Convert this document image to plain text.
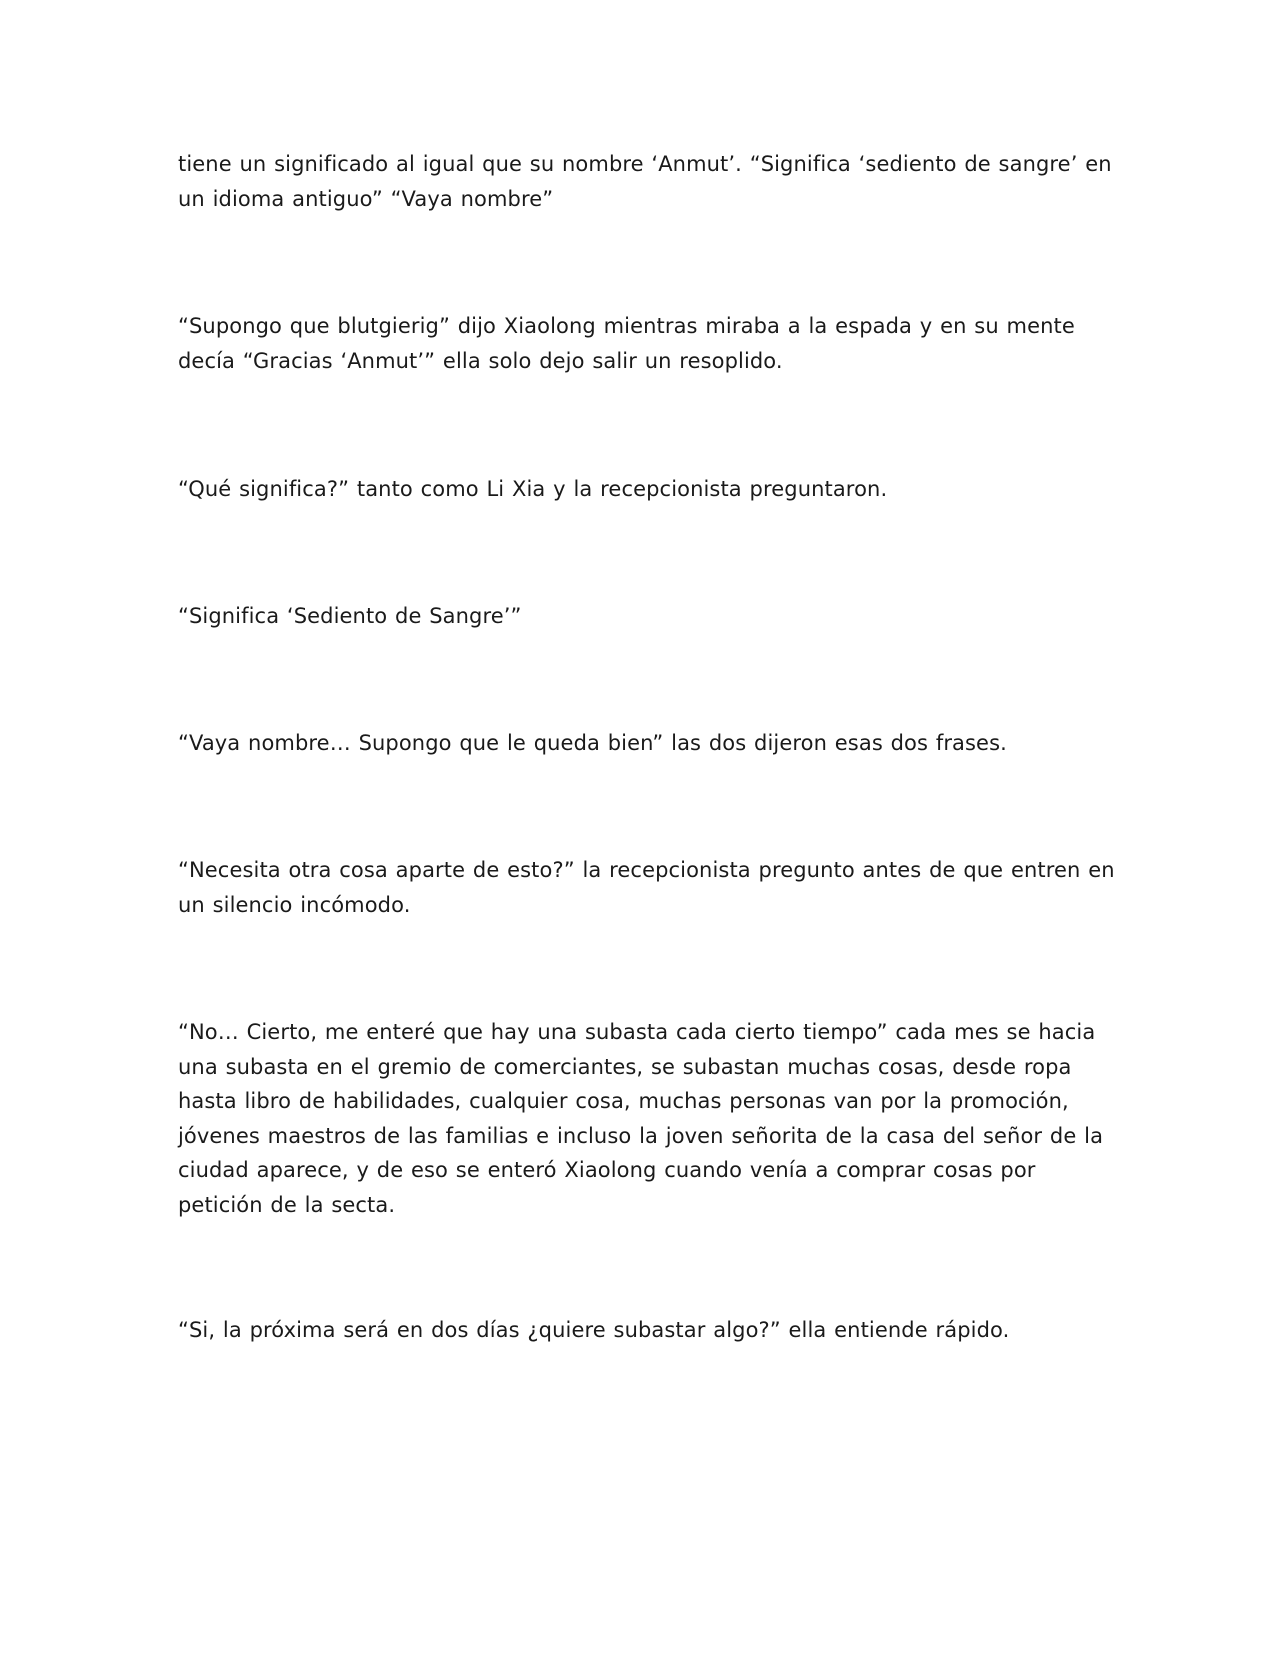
tiene un significado al igual que su nombre ‘Anmut’. “Significa ‘sediento de sangre’ en un idioma antiguo” “Vaya nombre”

“Supongo que blutgierig” dijo Xiaolong mientras miraba a la espada y en su mente decía “Gracias ‘Anmut’” ella solo dejo salir un resoplido.

“Qué significa?” tanto como Li Xia y la recepcionista preguntaron.

“Significa ‘Sediento de Sangre’”

“Vaya nombre… Supongo que le queda bien” las dos dijeron esas dos frases.

“Necesita otra cosa aparte de esto?” la recepcionista pregunto antes de que entren en un silencio incómodo.

“No… Cierto, me enteré que hay una subasta cada cierto tiempo” cada mes se hacia una subasta en el gremio de comerciantes, se subastan muchas cosas, desde ropa hasta libro de habilidades, cualquier cosa, muchas personas van por la promoción, jóvenes maestros de las familias e incluso la joven señorita de la casa del señor de la ciudad aparece, y de eso se enteró Xiaolong cuando venía a comprar cosas por petición de la secta.

“Si, la próxima será en dos días ¿quiere subastar algo?” ella entiende rápido.
